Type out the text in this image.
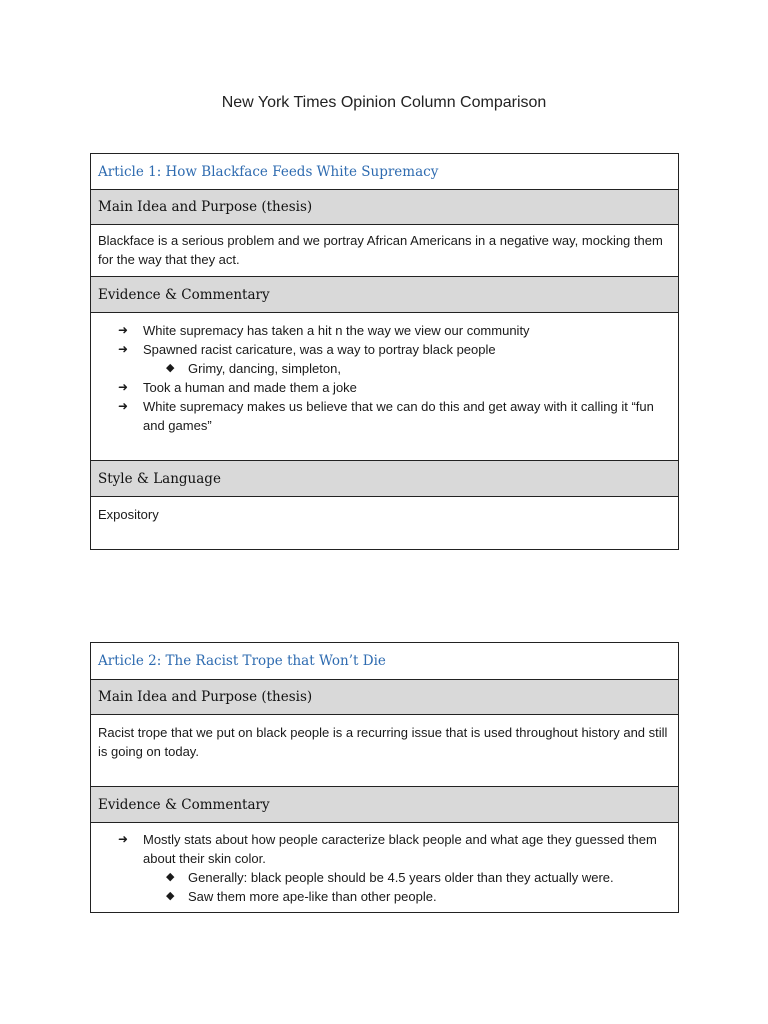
New York Times Opinion Column Comparison
Article 1: How Blackface Feeds White Supremacy
Main Idea and Purpose (thesis)
Blackface is a serious problem and we portray African Americans in a negative way, mocking them for the way that they act.
Evidence & Commentary
➜ White supremacy has taken a hit n the way we view our community
➜ Spawned racist caricature, was a way to portray black people
◆ Grimy, dancing, simpleton,
➜ Took a human and made them a joke
➜ White supremacy makes us believe that we can do this and get away with it calling it “fun and games”
Style & Language
Expository
Article 2: The Racist Trope that Won’t Die
Main Idea and Purpose (thesis)
Racist trope that we put on black people is a recurring issue that is used throughout history and still is going on today.
Evidence & Commentary
➜ Mostly stats about how people caracterize black people and what age they guessed them about their skin color.
◆ Generally: black people should be 4.5 years older than they actually were.
◆ Saw them more ape-like than other people.
